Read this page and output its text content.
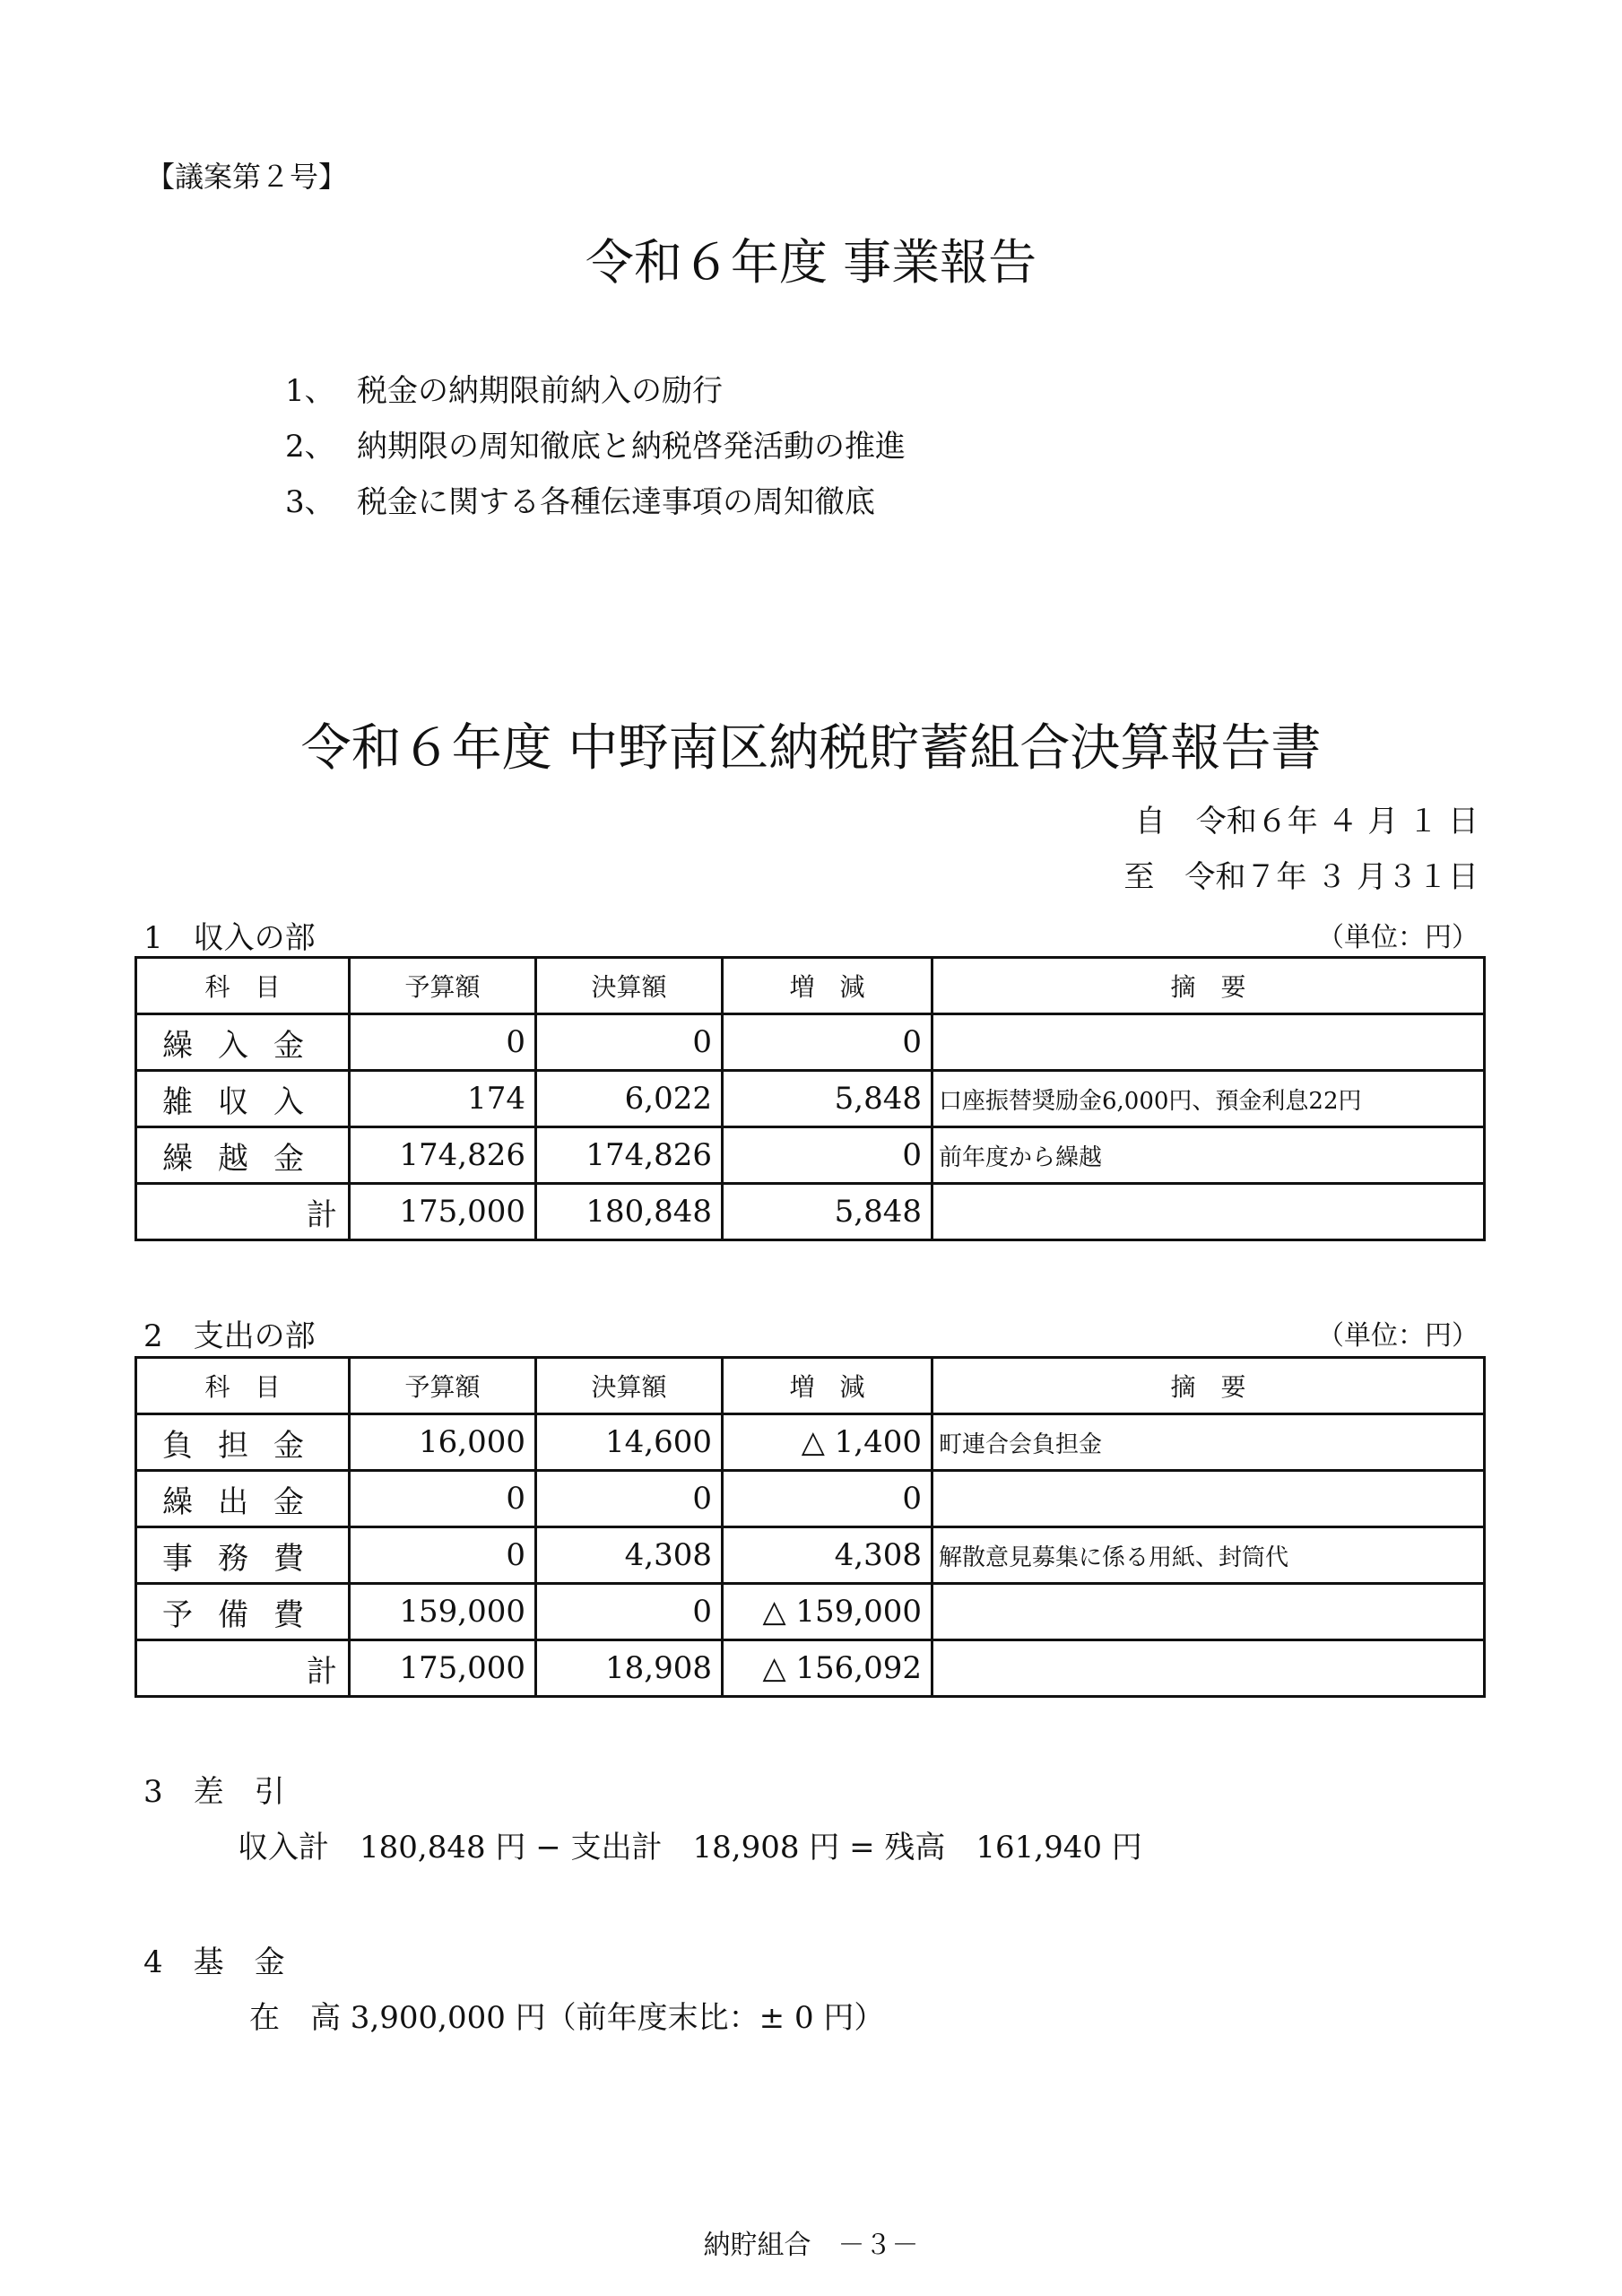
【議案第２号】
令和６年度 事業報告
1、 税金の納期限前納入の励行
2、 納期限の周知徹底と納税啓発活動の推進
3、 税金に関する各種伝達事項の周知徹底
令和６年度 中野南区納税貯蓄組合決算報告書
自　令和６年 ４ 月 １ 日
至　令和７年 ３ 月３１日
1　収入の部	（単位：円）
科　目	予算額	決算額	増　減	摘　要
繰入金	0	0	0	
雑収入	174	6,022	5,848	口座振替奨励金6,000円、預金利息22円
繰越金	174,826	174,826	0	前年度から繰越
計	175,000	180,848	5,848	
2　支出の部	（単位：円）
科　目	予算額	決算額	増　減	摘　要
負担金	16,000	14,600	△ 1,400	町連合会負担金
繰出金	0	0	0	
事務費	0	4,308	4,308	解散意見募集に係る用紙、封筒代
予備費	159,000	0	△ 159,000	
計	175,000	18,908	△ 156,092	
3　差　引
収入計　180,848 円 − 支出計　18,908 円 = 残高　161,940 円
4　基　金
在　高 3,900,000 円（前年度末比：± 0 円）
納貯組合　－３－
